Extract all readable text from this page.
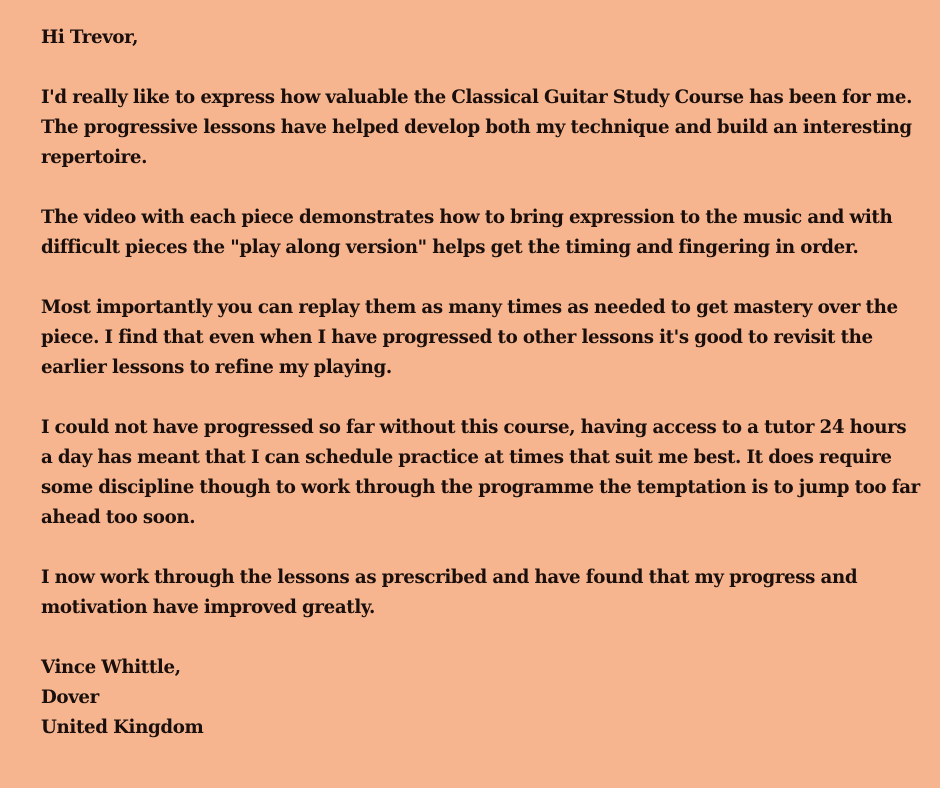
Hi Trevor,

I'd really like to express how valuable the Classical Guitar Study Course has been for me. The progressive lessons have helped develop both my technique and build an interesting repertoire.

The video with each piece demonstrates how to bring expression to the music and with difficult pieces the "play along version" helps get the timing and fingering in order.

Most importantly you can replay them as many times as needed to get mastery over the piece. I find that even when I have progressed to other lessons it's good to revisit the earlier lessons to refine my playing.

I could not have progressed so far without this course, having access to a tutor 24 hours a day has meant that I can schedule practice at times that suit me best. It does require some discipline though to work through the programme the temptation is to jump too far ahead too soon.

I now work through the lessons as prescribed and have found that my progress and motivation have improved greatly.

Vince Whittle,
Dover
United Kingdom
